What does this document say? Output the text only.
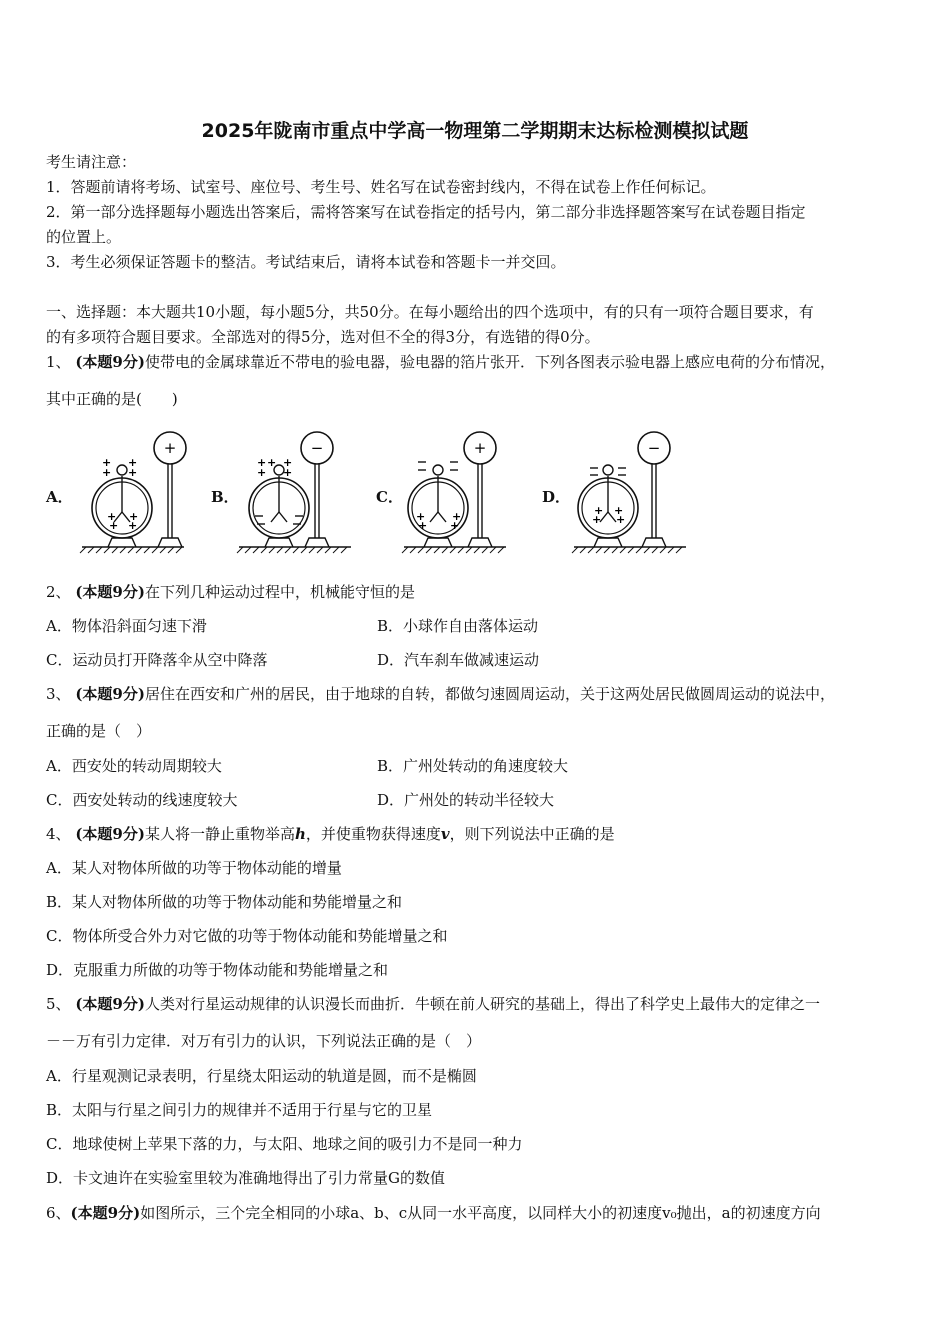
2025年陇南市重点中学高一物理第二学期期末达标检测模拟试题
考生请注意：
1．答题前请将考场、试室号、座位号、考生号、姓名写在试卷密封线内，不得在试卷上作任何标记。
2．第一部分选择题每小题选出答案后，需将答案写在试卷指定的括号内，第二部分非选择题答案写在试卷题目指定
的位置上。
3．考生必须保证答题卡的整洁。考试结束后，请将本试卷和答题卡一并交回。
一、选择题：本大题共10小题，每小题5分，共50分。在每小题给出的四个选项中，有的只有一项符合题目要求，有
的有多项符合题目要求。全部选对的得5分，选对但不全的得3分，有选错的得0分。
1、 (本题9分)使带电的金属球靠近不带电的验电器，验电器的箔片张开．下列各图表示验电器上感应电荷的分布情况，
其中正确的是(　　)
A．	B．	C．	D．
+
+
+
+
+
+ +
+ +
−
+ + +
+ +
+
+ +
+ +
−
+ +
+ +
2、 (本题9分)在下列几种运动过程中，机械能守恒的是
A．物体沿斜面匀速下滑	B．小球作自由落体运动
C．运动员打开降落伞从空中降落	D．汽车刹车做减速运动
3、 (本题9分)居住在西安和广州的居民，由于地球的自转，都做匀速圆周运动，关于这两处居民做圆周运动的说法中，
正确的是（　）
A．西安处的转动周期较大	B．广州处转动的角速度较大
C．西安处转动的线速度较大	D．广州处的转动半径较大
4、 (本题9分)某人将一静止重物举高h，并使重物获得速度v，则下列说法中正确的是
A．某人对物体所做的功等于物体动能的增量
B．某人对物体所做的功等于物体动能和势能增量之和
C．物体所受合外力对它做的功等于物体动能和势能增量之和
D．克服重力所做的功等于物体动能和势能增量之和
5、 (本题9分)人类对行星运动规律的认识漫长而曲折．牛顿在前人研究的基础上，得出了科学史上最伟大的定律之一
－－万有引力定律．对万有引力的认识，下列说法正确的是（　）
A．行星观测记录表明，行星绕太阳运动的轨道是圆，而不是椭圆
B．太阳与行星之间引力的规律并不适用于行星与它的卫星
C．地球使树上苹果下落的力，与太阳、地球之间的吸引力不是同一种力
D．卡文迪许在实验室里较为准确地得出了引力常量G的数值
6、(本题9分)如图所示，三个完全相同的小球a、b、c从同一水平高度，以同样大小的初速度v₀抛出，a的初速度方向
